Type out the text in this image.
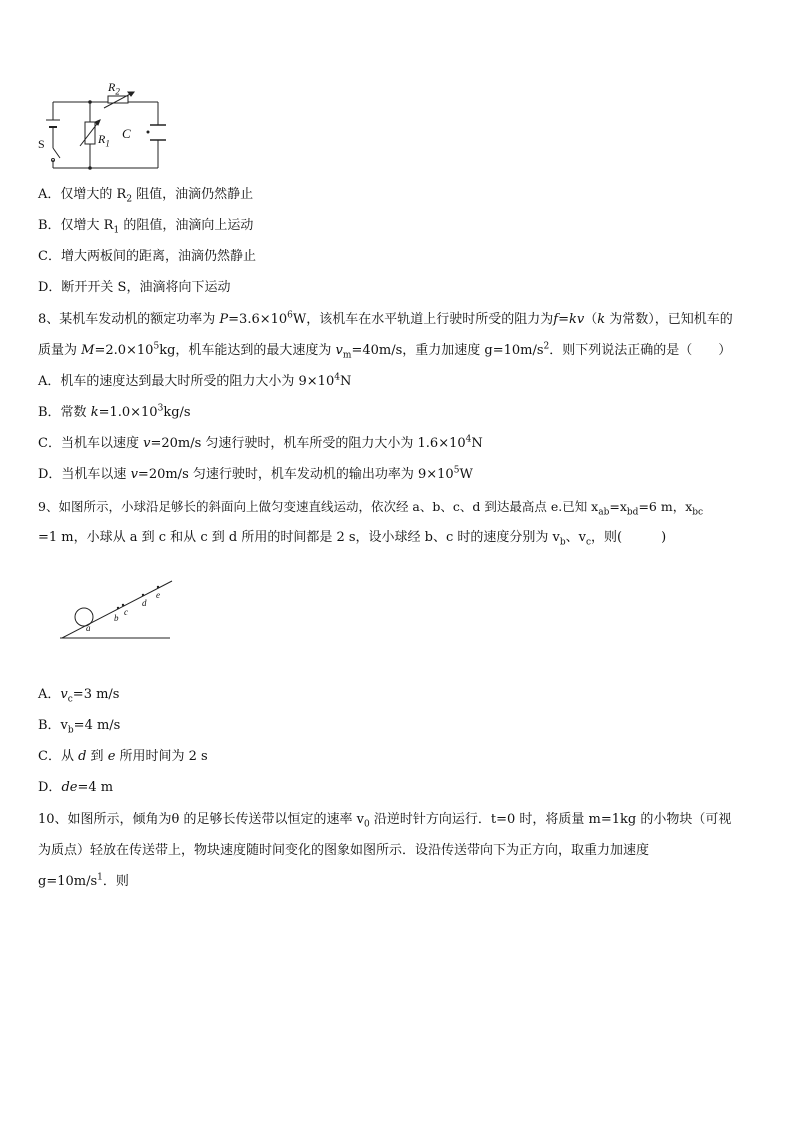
$R_2$
$R_1$
C
S
A．仅增大的 $R_2$ 阻值，油滴仍然静止
B．仅增大 $R_1$ 的阻值，油滴向上运动
C．增大两板间的距离，油滴仍然静止
D．断开开关 S，油滴将向下运动
8、某机车发动机的额定功率为 $P=3.6\times 10^6W$，该机车在水平轨道上行驶时所受的阻力为f=kv（k 为常数），已知机车的
质量为 $M=2.0\times 10^5kg$，机车能达到的最大速度为 $v_m=40m/s$，重力加速度 $g=10m/s^2$．则下列说法正确的是（　　）
A．机车的速度达到最大时所受的阻力大小为 $9\times 10^4N$
B．常数 $k=1.0\times 10^3kg/s$
C．当机车以速度 v=20m/s 匀速行驶时，机车所受的阻力大小为 $1.6\times 10^4N$
D．当机车以速 v=20m/s 匀速行驶时，机车发动机的输出功率为 $9\times 10^5W$
9、如图所示，小球沿足够长的斜面向上做匀变速直线运动，依次经 a、b、c、d 到达最高点 e.已知 $x_{ab}=x_{bd}=6$ m，$x_{bc}$
=1 m，小球从 a 到 c 和从 c 到 d 所用的时间都是 2 s，设小球经 b、c 时的速度分别为 $v_b$、$v_c$，则(　　　)
a
b
c
d
e
A．$v_c=3$ m/s
B．$v_b=4$ m/s
C．从 d 到 e 所用时间为 2 s
D．de=4 m
10、如图所示，倾角为θ 的足够长传送带以恒定的速率 $v_0$ 沿逆时针方向运行．t=0 时，将质量 m=1kg 的小物块（可视
为质点）轻放在传送带上，物块速度随时间变化的图象如图所示．设沿传送带向下为正方向，取重力加速度
$g=10m/s^1$．则
